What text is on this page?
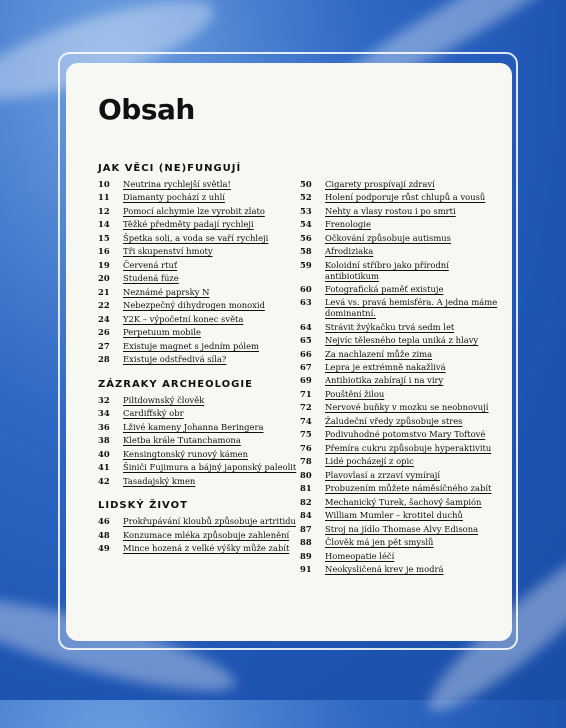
Obsah
JAK VĚCI (NE)FUNGUJÍ
10	Neutrina rychlejší světla!
11	Diamanty pochází z uhlí
12	Pomocí alchymie lze vyrobit zlato
14	Těžké předměty padají rychleji
15	Špetka soli, a voda se vaří rychleji
16	Tři skupenství hmoty
19	Červená rtuť
20	Studená fúze
21	Neznámé paprsky N
22	Nebezpečný dihydrogen monoxid
24	Y2K – výpočetní konec světa
26	Perpetuum mobile
27	Existuje magnet s jedním pólem
28	Existuje odstředivá síla?
ZÁZRAKY ARCHEOLOGIE
32	Piltdownský člověk
34	Cardiffský obr
36	Lživé kameny Johanna Beringera
38	Kletba krále Tutanchamona
40	Kensingtonský runový kámen
41	Šiniči Fujimura a bájný japonský paleolit
42	Tasadajský kmen
LIDSKÝ ŽIVOT
46	Prokřupávání kloubů způsobuje artritidu
48	Konzumace mléka způsobuje zahlenění
49	Mince hozená z velké výšky může zabít
50	Cigarety prospívají zdraví
52	Holení podporuje růst chlupů a vousů
53	Nehty a vlasy rostou i po smrti
54	Frenologie
56	Očkování způsobuje autismus
58	Afrodiziaka
59	Koloidní stříbro jako přírodní antibiotikum
60	Fotografická paměť existuje
63	Levá vs. pravá hemisféra. A jedna máme dominantní.
64	Strávit žvýkačku trvá sedm let
65	Nejvíc tělesného tepla uniká z hlavy
66	Za nachlazení může zima
67	Lepra je extrémně nakažlivá
69	Antibiotika zabírají i na viry
71	Pouštění žilou
72	Nervové buňky v mozku se neobnovují
74	Žaludeční vředy způsobuje stres
75	Podivuhodné potomstvo Mary Toftové
76	Přemíra cukru způsobuje hyperaktivitu
78	Lidé pocházejí z opic
80	Plavovlasí a zrzaví vymírají
81	Probuzením můžete náměsíčného zabít
82	Mechanický Turek, šachový šampión
84	William Mumler – krotitel duchů
87	Stroj na jídlo Thomase Alvy Edisona
88	Člověk má jen pět smyslů
89	Homeopatie léčí
91	Neokysličená krev je modrá
